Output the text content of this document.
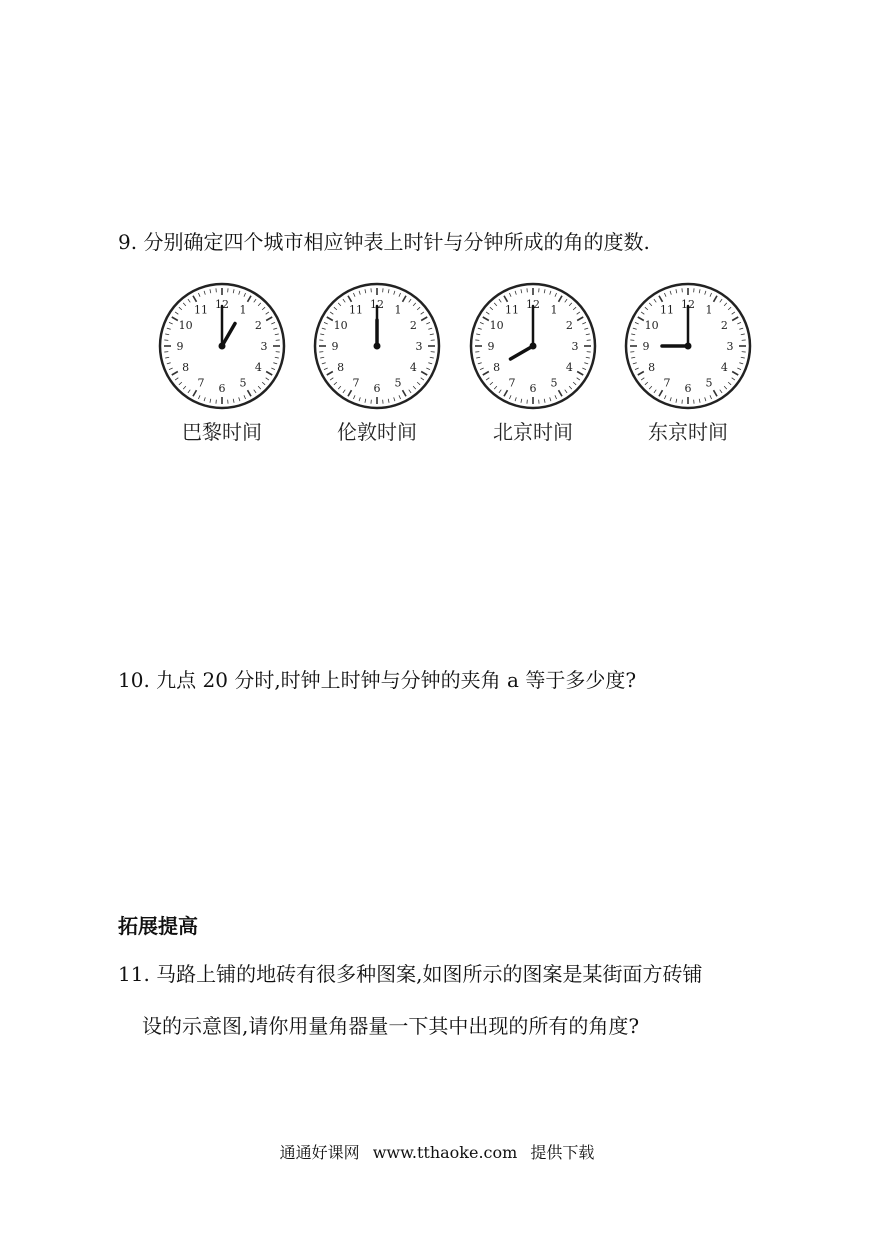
9. 分别确定四个城市相应钟表上时针与分钟所成的角的度数.
12 1
2
3
4
5
6
7
8
9
10
11	12 1
2
3
4
5
6
7
8
9
10
11	12 1
2
3
4
5
6
7
8
9
10
11	12 1
2
3
4
5
6
7
8
9
10
11
巴黎时间	伦敦时间	北京时间	东京时间
10. 九点 20 分时,时钟上时钟与分钟的夹角 a 等于多少度?
拓展提高
11. 马路上铺的地砖有很多种图案,如图所示的图案是某街面方砖铺
设的示意图,请你用量角器量一下其中出现的所有的角度?
通通好课网 www.tthaoke.com 提供下载
